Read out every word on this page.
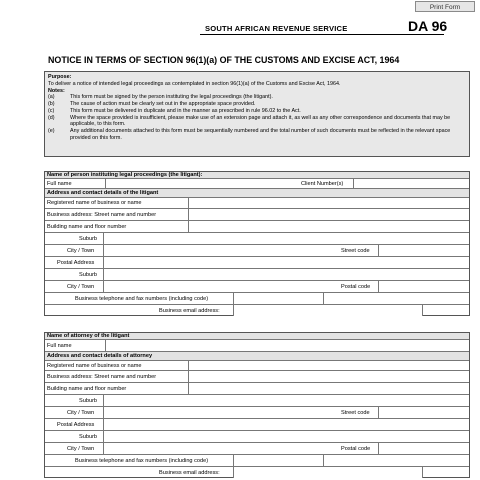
Print Form
SOUTH AFRICAN REVENUE SERVICE	DA 96
NOTICE IN TERMS OF SECTION 96(1)(a) OF THE CUSTOMS AND EXCISE ACT, 1964
Purpose:
To deliver a notice of intended legal proceedings as contemplated in section 96(1)(a) of the Customs and Excise Act, 1964.
Notes:
(a)	This form must be signed by the person instituting the legal proceedings (the litigant).
(b)	The cause of action must be clearly set out in the appropriate space provided.
(c)	This form must be delivered in duplicate and in the manner as prescribed in rule 96.02 to the Act.
(d)	Where the space provided is insufficient, please make use of an extension page and attach it, as well as any other correspondence and documents that may be applicable, to this form.
(e)	Any additional documents attached to this form must be sequentially numbered and the total number of such documents must be reflected in the relevant space provided on this form.
Name of person instituting legal proceedings (the litigant):
Full name	Client Number(s)
Address and contact details of the litigant
Registered name of business or name
Business address: Street name and number
Building name and floor number
Suburb
City / Town	Street code
Postal Address
Suburb
City / Town	Postal code
Business telephone and fax numbers (including code)
Business email address:
Name of attorney of the litigant
Full name
Address and contact details of attorney
Registered name of business or name
Business address: Street name and number
Building name and floor number
Suburb
City / Town	Street code
Postal Address
Suburb
City / Town	Postal code
Business telephone and fax numbers (including code)
Business email address:
